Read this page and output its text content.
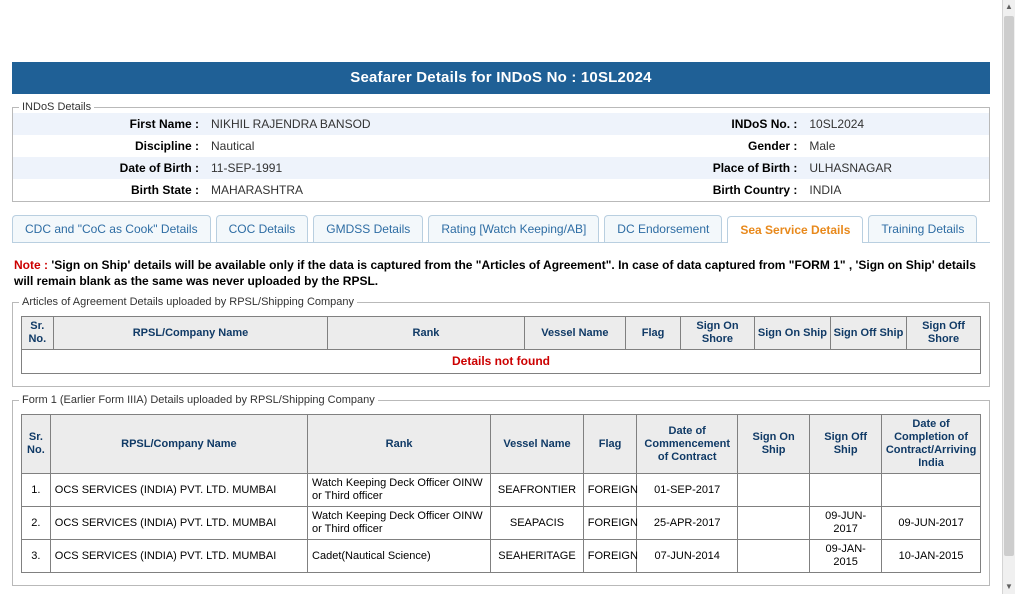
Seafarer Details for INDoS No : 10SL2024
INDoS Details
First Name :	NIKHIL RAJENDRA BANSOD	INDoS No. :	10SL2024
Discipline :	Nautical	Gender :	Male
Date of Birth :	11-SEP-1991	Place of Birth :	ULHASNAGAR
Birth State :	MAHARASHTRA	Birth Country :	INDIA
CDC and "CoC as Cook" Details	COC Details	GMDSS Details	Rating [Watch Keeping/AB]	DC Endorsement	Sea Service Details	Training Details
Note : 'Sign on Ship' details will be available only if the data is captured from the "Articles of Agreement". In case of data captured from "FORM 1" , 'Sign on Ship' details will remain blank as the same was never uploaded by the RPSL.
Articles of Agreement Details uploaded by RPSL/Shipping Company
Sr. No.	RPSL/Company Name	Rank	Vessel Name	Flag	Sign On Shore	Sign On Ship	Sign Off Ship	Sign Off Shore
Details not found
Form 1 (Earlier Form IIIA) Details uploaded by RPSL/Shipping Company
Sr. No.	RPSL/Company Name	Rank	Vessel Name	Flag	Date of Commencement of Contract	Sign On Ship	Sign Off Ship	Date of Completion of Contract/Arriving India
1.	OCS SERVICES (INDIA) PVT. LTD. MUMBAI	Watch Keeping Deck Officer OINW or Third officer	SEAFRONTIER	FOREIGN	01-SEP-2017			
2.	OCS SERVICES (INDIA) PVT. LTD. MUMBAI	Watch Keeping Deck Officer OINW or Third officer	SEAPACIS	FOREIGN	25-APR-2017		09-JUN-2017	09-JUN-2017
3.	OCS SERVICES (INDIA) PVT. LTD. MUMBAI	Cadet(Nautical Science)	SEAHERITAGE	FOREIGN	07-JUN-2014		09-JAN-2015	10-JAN-2015
▲
▼
